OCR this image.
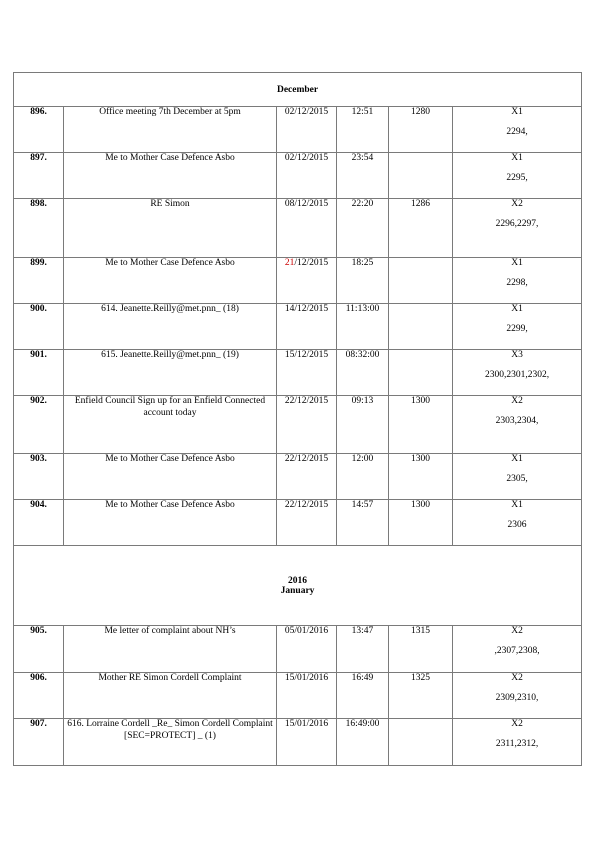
December					

896.	Office meeting 7th December at 5pm	02/12/2015	12:51	1280	X1
2294,

897.	Me to Mother Case Defence Asbo	02/12/2015	23:54		X1
2295,

898.	RE Simon	08/12/2015	22:20	1286	X2
2296,2297,

899.	Me to Mother Case Defence Asbo	21/12/2015	18:25		X1
2298,

900.	614. Jeanette.Reilly@met.pnn_ (18)	14/12/2015	11:13:00		X1
2299,

901.	615. Jeanette.Reilly@met.pnn_ (19)	15/12/2015	08:32:00		X3
2300,2301,2302,

902.	Enfield Council Sign up for an Enfield Connected account today	22/12/2015	09:13	1300	X2
2303,2304,

903.	Me to Mother Case Defence Asbo	22/12/2015	12:00	1300	X1
2305,

904.	Me to Mother Case Defence Asbo	22/12/2015	14:57	1300	X1
2306

2016
January					

905.	Me letter of complaint about NH’s	05/01/2016	13:47	1315	X2
,2307,2308,

906.	Mother RE Simon Cordell Complaint	15/01/2016	16:49	1325	X2
2309,2310,

907.	616. Lorraine Cordell _Re_ Simon Cordell Complaint [SEC=PROTECT] _ (1)	15/01/2016	16:49:00		X2
2311,2312,
